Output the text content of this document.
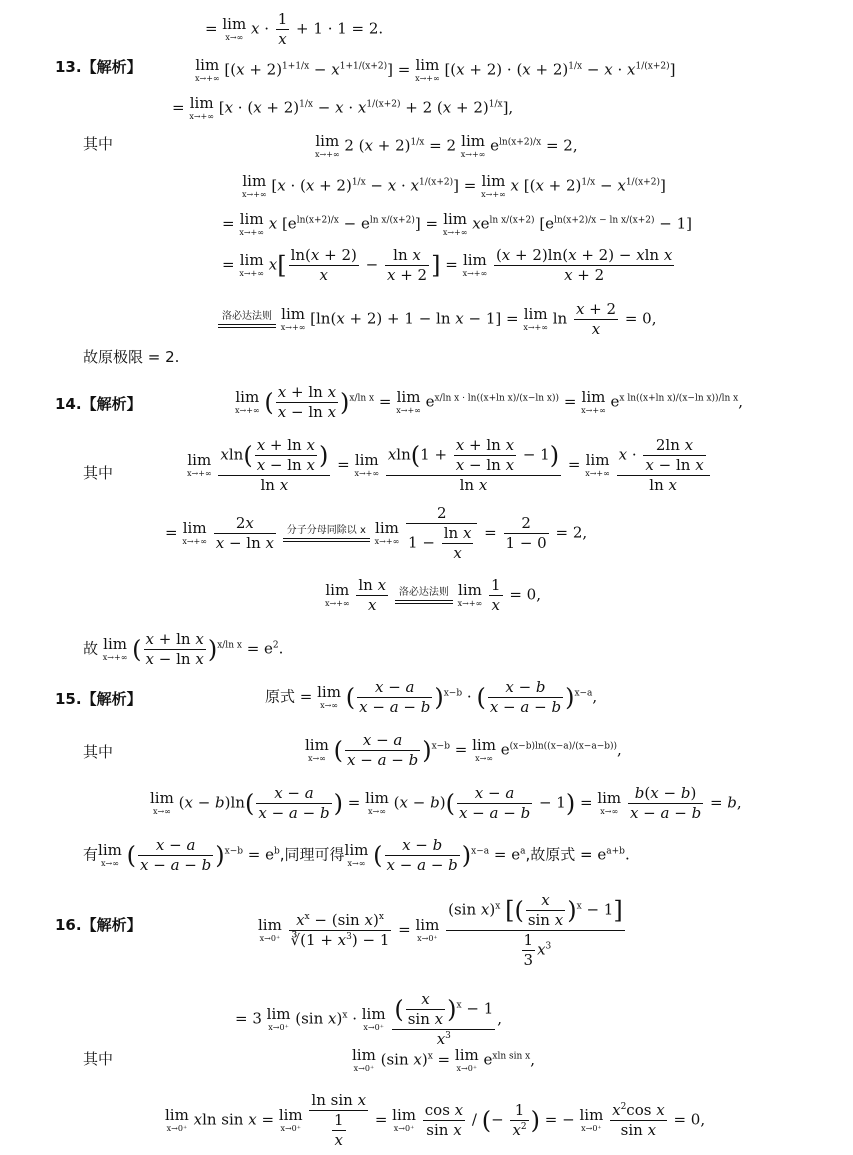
= lim
x→∞ $x \cdot \frac{1}{x} + 1 \cdot 1 = 2$.
13.【解析】	lim
x→+∞ $[(x + 2)^{1+1/x} - x^{1+1/(x+2)}] = \lim$
x→+∞ $[(x + 2) \cdot (x + 2)^{1/x} - x \cdot x^{1/(x+2)}]$
= lim
x→+∞ [$x \cdot (x + 2)^{1/x} - x \cdot x^{1/(x+2)} + 2$ $(x + 2)^{1/x}$],
其中	lim
x→+∞ 2 $(x + 2)^{1/x} = 2$ lim
x→+∞ $e^{ln(x+2)/x} = 2$,
lim
x→+∞ $[x \cdot (x + 2)^{1/x} - x \cdot x^{1/(x+2)}] = \lim$
x→+∞ x $[(x + 2)^{1/x} - x^{1/(x+2)}]$
= lim
x→+∞ x $[e^{ln(x+2)/x} - e^{ln x/(x+2)}] = \lim$
x→+∞ $xe^{ln x/(x+2)}$ $[e^{ln(x+2)/x - ln x/(x+2)} - 1]$
= lim
x→+∞ $x[ \frac{\ln(x + 2)}{x} - \frac{\text{ln x}}{x + 2}$ ] = lim
x→+∞
$\frac{\text{(x + 2)ln(x + 2) − xln x}}{x + 2}$
洛必达法则
lim
x→+∞ [ln(x + 2) + 1 − ln x − 1] = lim
x→+∞ $\ln \frac{x + 2}{x} = 0$,
故原极限 = 2.
14.【解析】	lim
x→+∞ ( $\frac{\text{x + ln x}}{\text{x − ln x}} )^{x/ln x} = \lim$
x→+∞ $e^{x/ln x \cdot ln((x+ln x)/(x-ln x))} = \lim$
x→+∞ $e^{x ln((x+ln x)/(x-ln x))/ln x}$,
其中
lim
x→+∞
$\frac{xln( \frac{\text{x + ln x}}{\text{x − ln x}} )}{\text{ln x}} = \lim$
x→+∞
$\frac{xln(1 + \frac{\text{x + ln x}}{\text{x − ln x}} - 1)}{\text{ln x}} = \lim$
x→+∞
$\frac{x \cdot \frac{\text{2ln x}}{\text{x − ln x}}}{\text{ln x}}$
= lim
x→+∞
$\frac{2x}{\text{x − ln x}}$
	分子分母同除以 x
lim
x→+∞
$\frac{2}{1 - \frac{\text{ln x}}{x}} = \frac{2}{1 - 0} = 2$,
lim
x→+∞
$\frac{\text{ln x}}{x}$
	洛必达法则
lim
x→+∞
$\frac{1}{x} = 0$,
故 lim
x→+∞ ( $\frac{\text{x + ln x}}{\text{x − ln x}} )^{x/ln x} = e^2$.
15.【解析】	原式 = lim
x→∞ ( $\frac{x - a}{x - a - b} )^{x-b}$ · ( $\frac{x - b}{x - a - b} )^{x-a}$,
其中	lim
x→∞ ( $\frac{x - a}{x - a - b} )^{x-b} = \lim$
x→∞ $e^{(x-b)ln((x-a)/(x-a-b))}$,
lim
x→∞ $(x - b)\ln( \frac{x - a}{x - a - b}$ ) = lim
x→∞ $(x - b)( \frac{x - a}{x - a - b} - 1) = \lim$
x→∞
$\frac{b(x - b)}{x - a - b} = b$,
有 lim
x→∞ ( $\frac{x - a}{x - a - b} )^{x-b} = e^b$,同理可得 lim
x→∞ ( $\frac{x - b}{x - a - b} )^{x-a} = e^a$,故原式 = $e^{a+b}$.
16.【解析】	lim
x→0⁺
$\frac{x^x - (\sin x)^x}{∛(1 + x^3) - 1} = \lim$
x→0⁺
$\frac{(\sin x)^x [( \frac{x}{\text{sin x}} )^x - 1]}{\frac{1}{3} x^3}$
= 3 lim
x→0⁺ (sin x)$^x$ · lim
x→0⁺
$\frac{( \frac{x}{\text{sin x}} )^x - 1}{x^3}$ ,
其中	lim
x→0⁺ (sin x)$^x$ = lim
x→0⁺ $e^{xln sin x}$,
lim
x→0⁺ xln sin x = lim
x→0⁺
$\frac{\text{ln sin x}}{\frac{1}{x}} = \lim$
x→0⁺
$\frac{\text{cos x}}{\text{sin x}}$ / (− $\frac{1}{x^2}$ ) = − lim
x→0⁺
$\frac{x^2\cos x}{\text{sin x}} = 0$,
